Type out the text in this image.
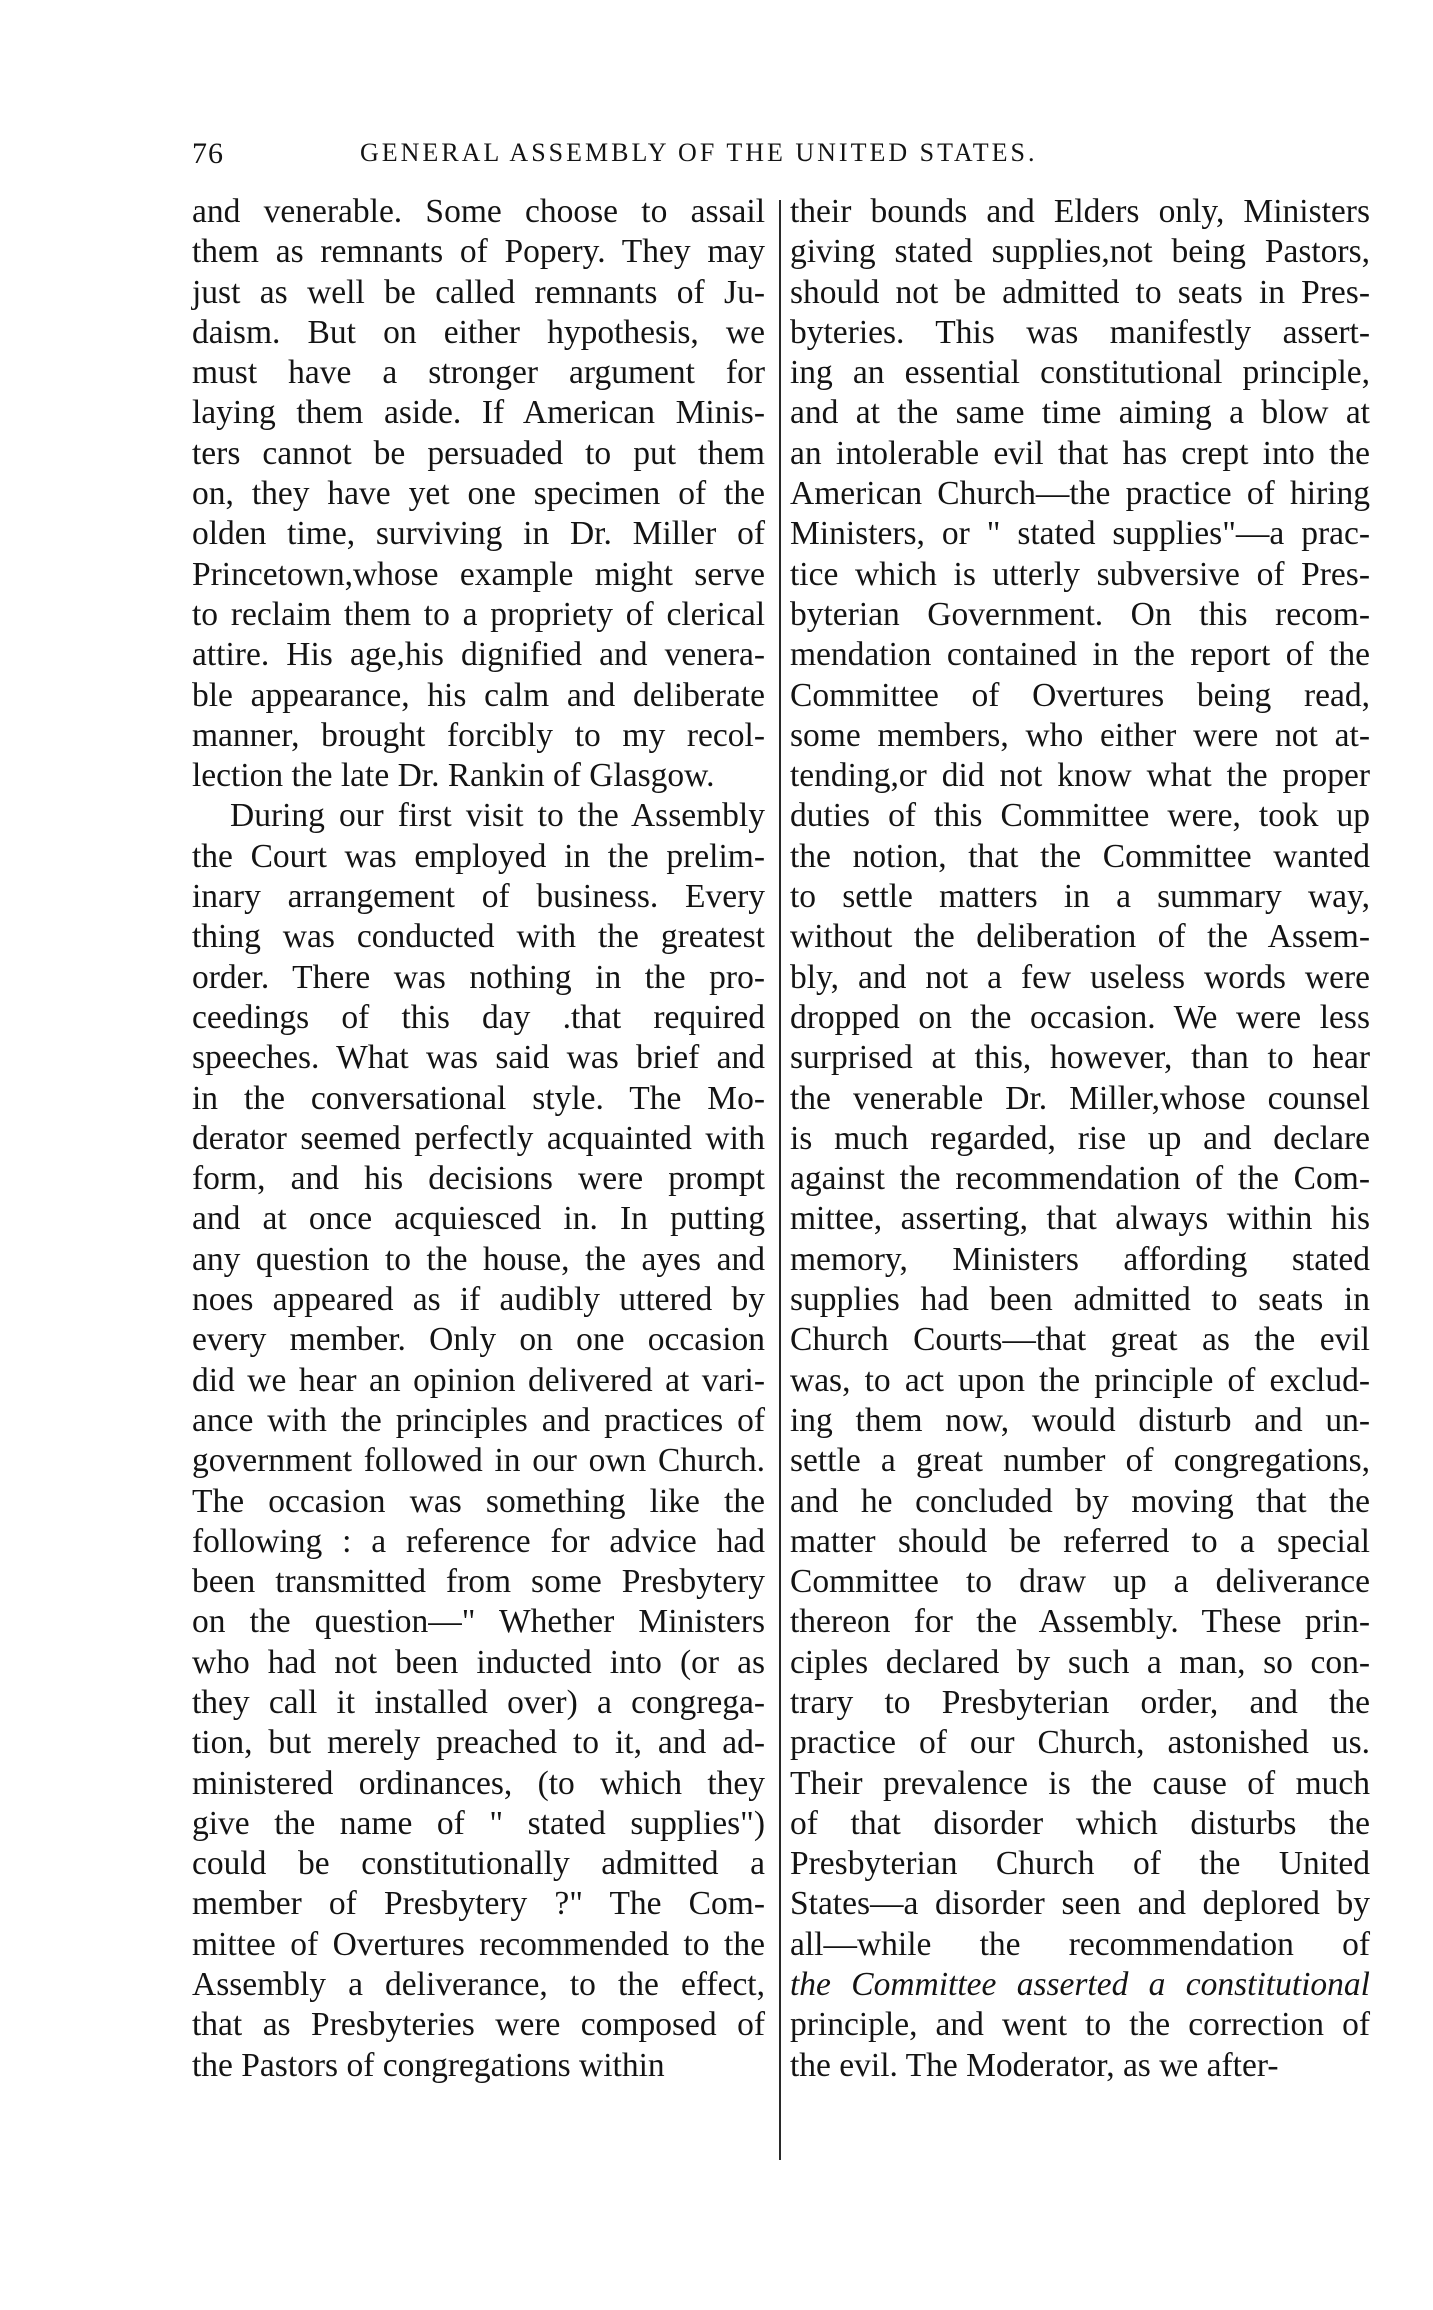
76	GENERAL ASSEMBLY OF THE UNITED STATES.
and venerable. Some choose to assail
them as remnants of Popery. They may
just as well be called remnants of Ju-
daism. But on either hypothesis, we
must have a stronger argument for
laying them aside. If American Minis-
ters cannot be persuaded to put them
on, they have yet one specimen of the
olden time, surviving in Dr. Miller of
Princetown,whose example might serve
to reclaim them to a propriety of clerical
attire. His age,his dignified and venera-
ble appearance, his calm and deliberate
manner, brought forcibly to my recol-
lection the late Dr. Rankin of Glasgow.
During our first visit to the Assembly
the Court was employed in the prelim-
inary arrangement of business. Every
thing was conducted with the greatest
order. There was nothing in the pro-
ceedings of this day .that required
speeches. What was said was brief and
in the conversational style. The Mo-
derator seemed perfectly acquainted with
form, and his decisions were prompt
and at once acquiesced in. In putting
any question to the house, the ayes and
noes appeared as if audibly uttered by
every member. Only on one occasion
did we hear an opinion delivered at vari-
ance with the principles and practices of
government followed in our own Church.
The occasion was something like the
following : a reference for advice had
been transmitted from some Presbytery
on the question—" Whether Ministers
who had not been inducted into (or as
they call it installed over) a congrega-
tion, but merely preached to it, and ad-
ministered ordinances, (to which they
give the name of " stated supplies")
could be constitutionally admitted a
member of Presbytery ?" The Com-
mittee of Overtures recommended to the
Assembly a deliverance, to the effect,
that as Presbyteries were composed of
the Pastors of congregations within
their bounds and Elders only, Ministers
giving stated supplies,not being Pastors,
should not be admitted to seats in Pres-
byteries. This was manifestly assert-
ing an essential constitutional principle,
and at the same time aiming a blow at
an intolerable evil that has crept into the
American Church—the practice of hiring
Ministers, or " stated supplies"—a prac-
tice which is utterly subversive of Pres-
byterian Government. On this recom-
mendation contained in the report of the
Committee of Overtures being read,
some members, who either were not at-
tending,or did not know what the proper
duties of this Committee were, took up
the notion, that the Committee wanted
to settle matters in a summary way,
without the deliberation of the Assem-
bly, and not a few useless words were
dropped on the occasion. We were less
surprised at this, however, than to hear
the venerable Dr. Miller,whose counsel
is much regarded, rise up and declare
against the recommendation of the Com-
mittee, asserting, that always within his
memory, Ministers affording stated
supplies had been admitted to seats in
Church Courts—that great as the evil
was, to act upon the principle of exclud-
ing them now, would disturb and un-
settle a great number of congregations,
and he concluded by moving that the
matter should be referred to a special
Committee to draw up a deliverance
thereon for the Assembly. These prin-
ciples declared by such a man, so con-
trary to Presbyterian order, and the
practice of our Church, astonished us.
Their prevalence is the cause of much
of that disorder which disturbs the
Presbyterian Church of the United
States—a disorder seen and deplored by
all—while the recommendation of
the Committee asserted a constitutional
principle, and went to the correction of
the evil. The Moderator, as we after-
